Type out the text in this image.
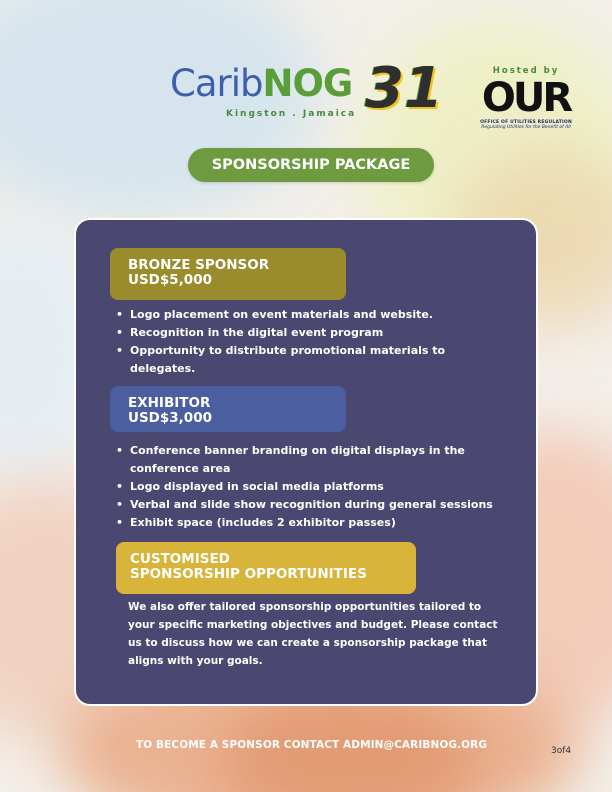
CaribNOG
Kingston . Jamaica 31	Hosted by
OUR
OFFICE OF UTILITIES REGULATION
Regulating Utilities for the Benefit of All
SPONSORSHIP PACKAGE
BRONZE SPONSOR
USD$5,000
• Logo placement on event materials and website.
• Recognition in the digital event program
• Opportunity to distribute promotional materials to delegates.
EXHIBITOR
USD$3,000
• Conference banner branding on digital displays in the conference area
• Logo displayed in social media platforms
• Verbal and slide show recognition during general sessions
• Exhibit space (includes 2 exhibitor passes)
CUSTOMISED
SPONSORSHIP OPPORTUNITIES
We also offer tailored sponsorship opportunities tailored to your specific marketing objectives and budget. Please contact us to discuss how we can create a sponsorship package that aligns with your goals.
TO BECOME A SPONSOR CONTACT ADMIN@CARIBNOG.ORG	3of4
